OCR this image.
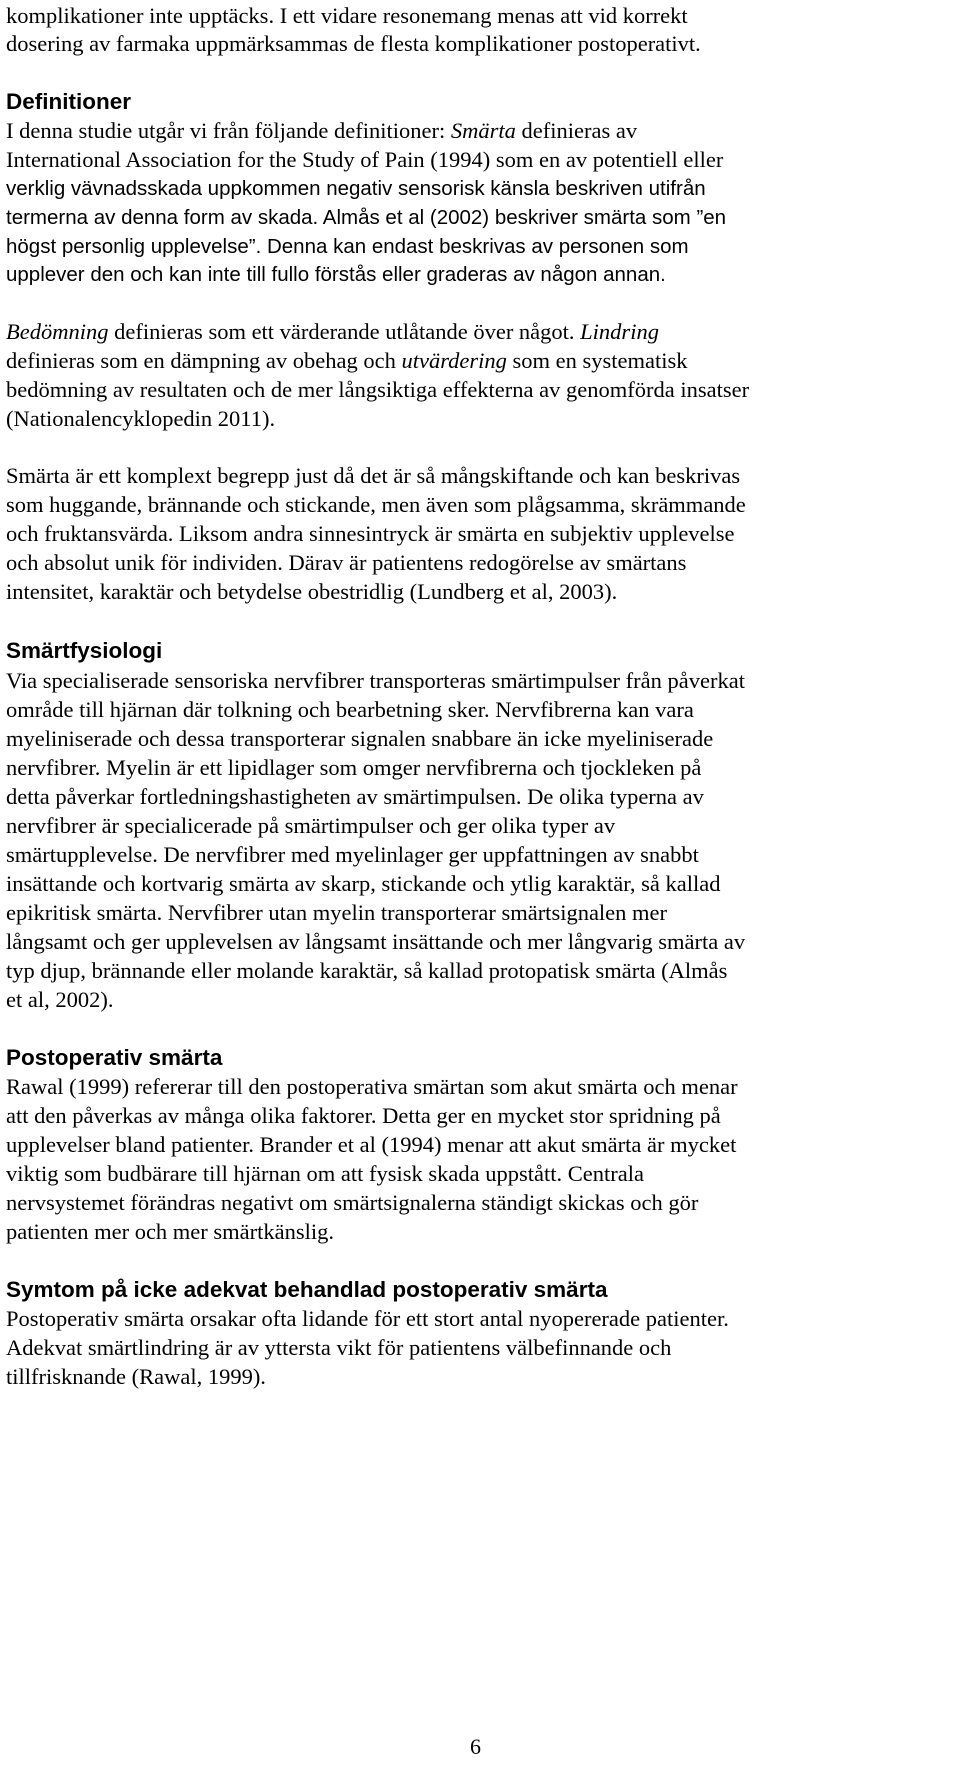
komplikationer inte upptäcks. I ett vidare resonemang menas att vid korrekt
dosering av farmaka uppmärksammas de flesta komplikationer postoperativt.
Definitioner
I denna studie utgår vi från följande definitioner: Smärta definieras av
International Association for the Study of Pain (1994) som en av potentiell eller
verklig vävnadsskada uppkommen negativ sensorisk känsla beskriven utifrån
termerna av denna form av skada. Almås et al (2002) beskriver smärta som ”en
högst personlig upplevelse”. Denna kan endast beskrivas av personen som
upplever den och kan inte till fullo förstås eller graderas av någon annan.
Bedömning definieras som ett värderande utlåtande över något. Lindring
definieras som en dämpning av obehag och utvärdering som en systematisk
bedömning av resultaten och de mer långsiktiga effekterna av genomförda insatser
(Nationalencyklopedin 2011).
Smärta är ett komplext begrepp just då det är så mångskiftande och kan beskrivas
som huggande, brännande och stickande, men även som plågsamma, skrämmande
och fruktansvärda. Liksom andra sinnesintryck är smärta en subjektiv upplevelse
och absolut unik för individen. Därav är patientens redogörelse av smärtans
intensitet, karaktär och betydelse obestridlig (Lundberg et al, 2003).
Smärtfysiologi
Via specialiserade sensoriska nervfibrer transporteras smärtimpulser från påverkat
område till hjärnan där tolkning och bearbetning sker. Nervfibrerna kan vara
myeliniserade och dessa transporterar signalen snabbare än icke myeliniserade
nervfibrer. Myelin är ett lipidlager som omger nervfibrerna och tjockleken på
detta påverkar fortledningshastigheten av smärtimpulsen. De olika typerna av
nervfibrer är specialicerade på smärtimpulser och ger olika typer av
smärtupplevelse. De nervfibrer med myelinlager ger uppfattningen av snabbt
insättande och kortvarig smärta av skarp, stickande och ytlig karaktär, så kallad
epikritisk smärta. Nervfibrer utan myelin transporterar smärtsignalen mer
långsamt och ger upplevelsen av långsamt insättande och mer långvarig smärta av
typ djup, brännande eller molande karaktär, så kallad protopatisk smärta (Almås
et al, 2002).
Postoperativ smärta
Rawal (1999) refererar till den postoperativa smärtan som akut smärta och menar
att den påverkas av många olika faktorer. Detta ger en mycket stor spridning på
upplevelser bland patienter. Brander et al (1994) menar att akut smärta är mycket
viktig som budbärare till hjärnan om att fysisk skada uppstått. Centrala
nervsystemet förändras negativt om smärtsignalerna ständigt skickas och gör
patienten mer och mer smärtkänslig.
Symtom på icke adekvat behandlad postoperativ smärta
Postoperativ smärta orsakar ofta lidande för ett stort antal nyopererade patienter.
Adekvat smärtlindring är av yttersta vikt för patientens välbefinnande och
tillfrisknande (Rawal, 1999).
6
